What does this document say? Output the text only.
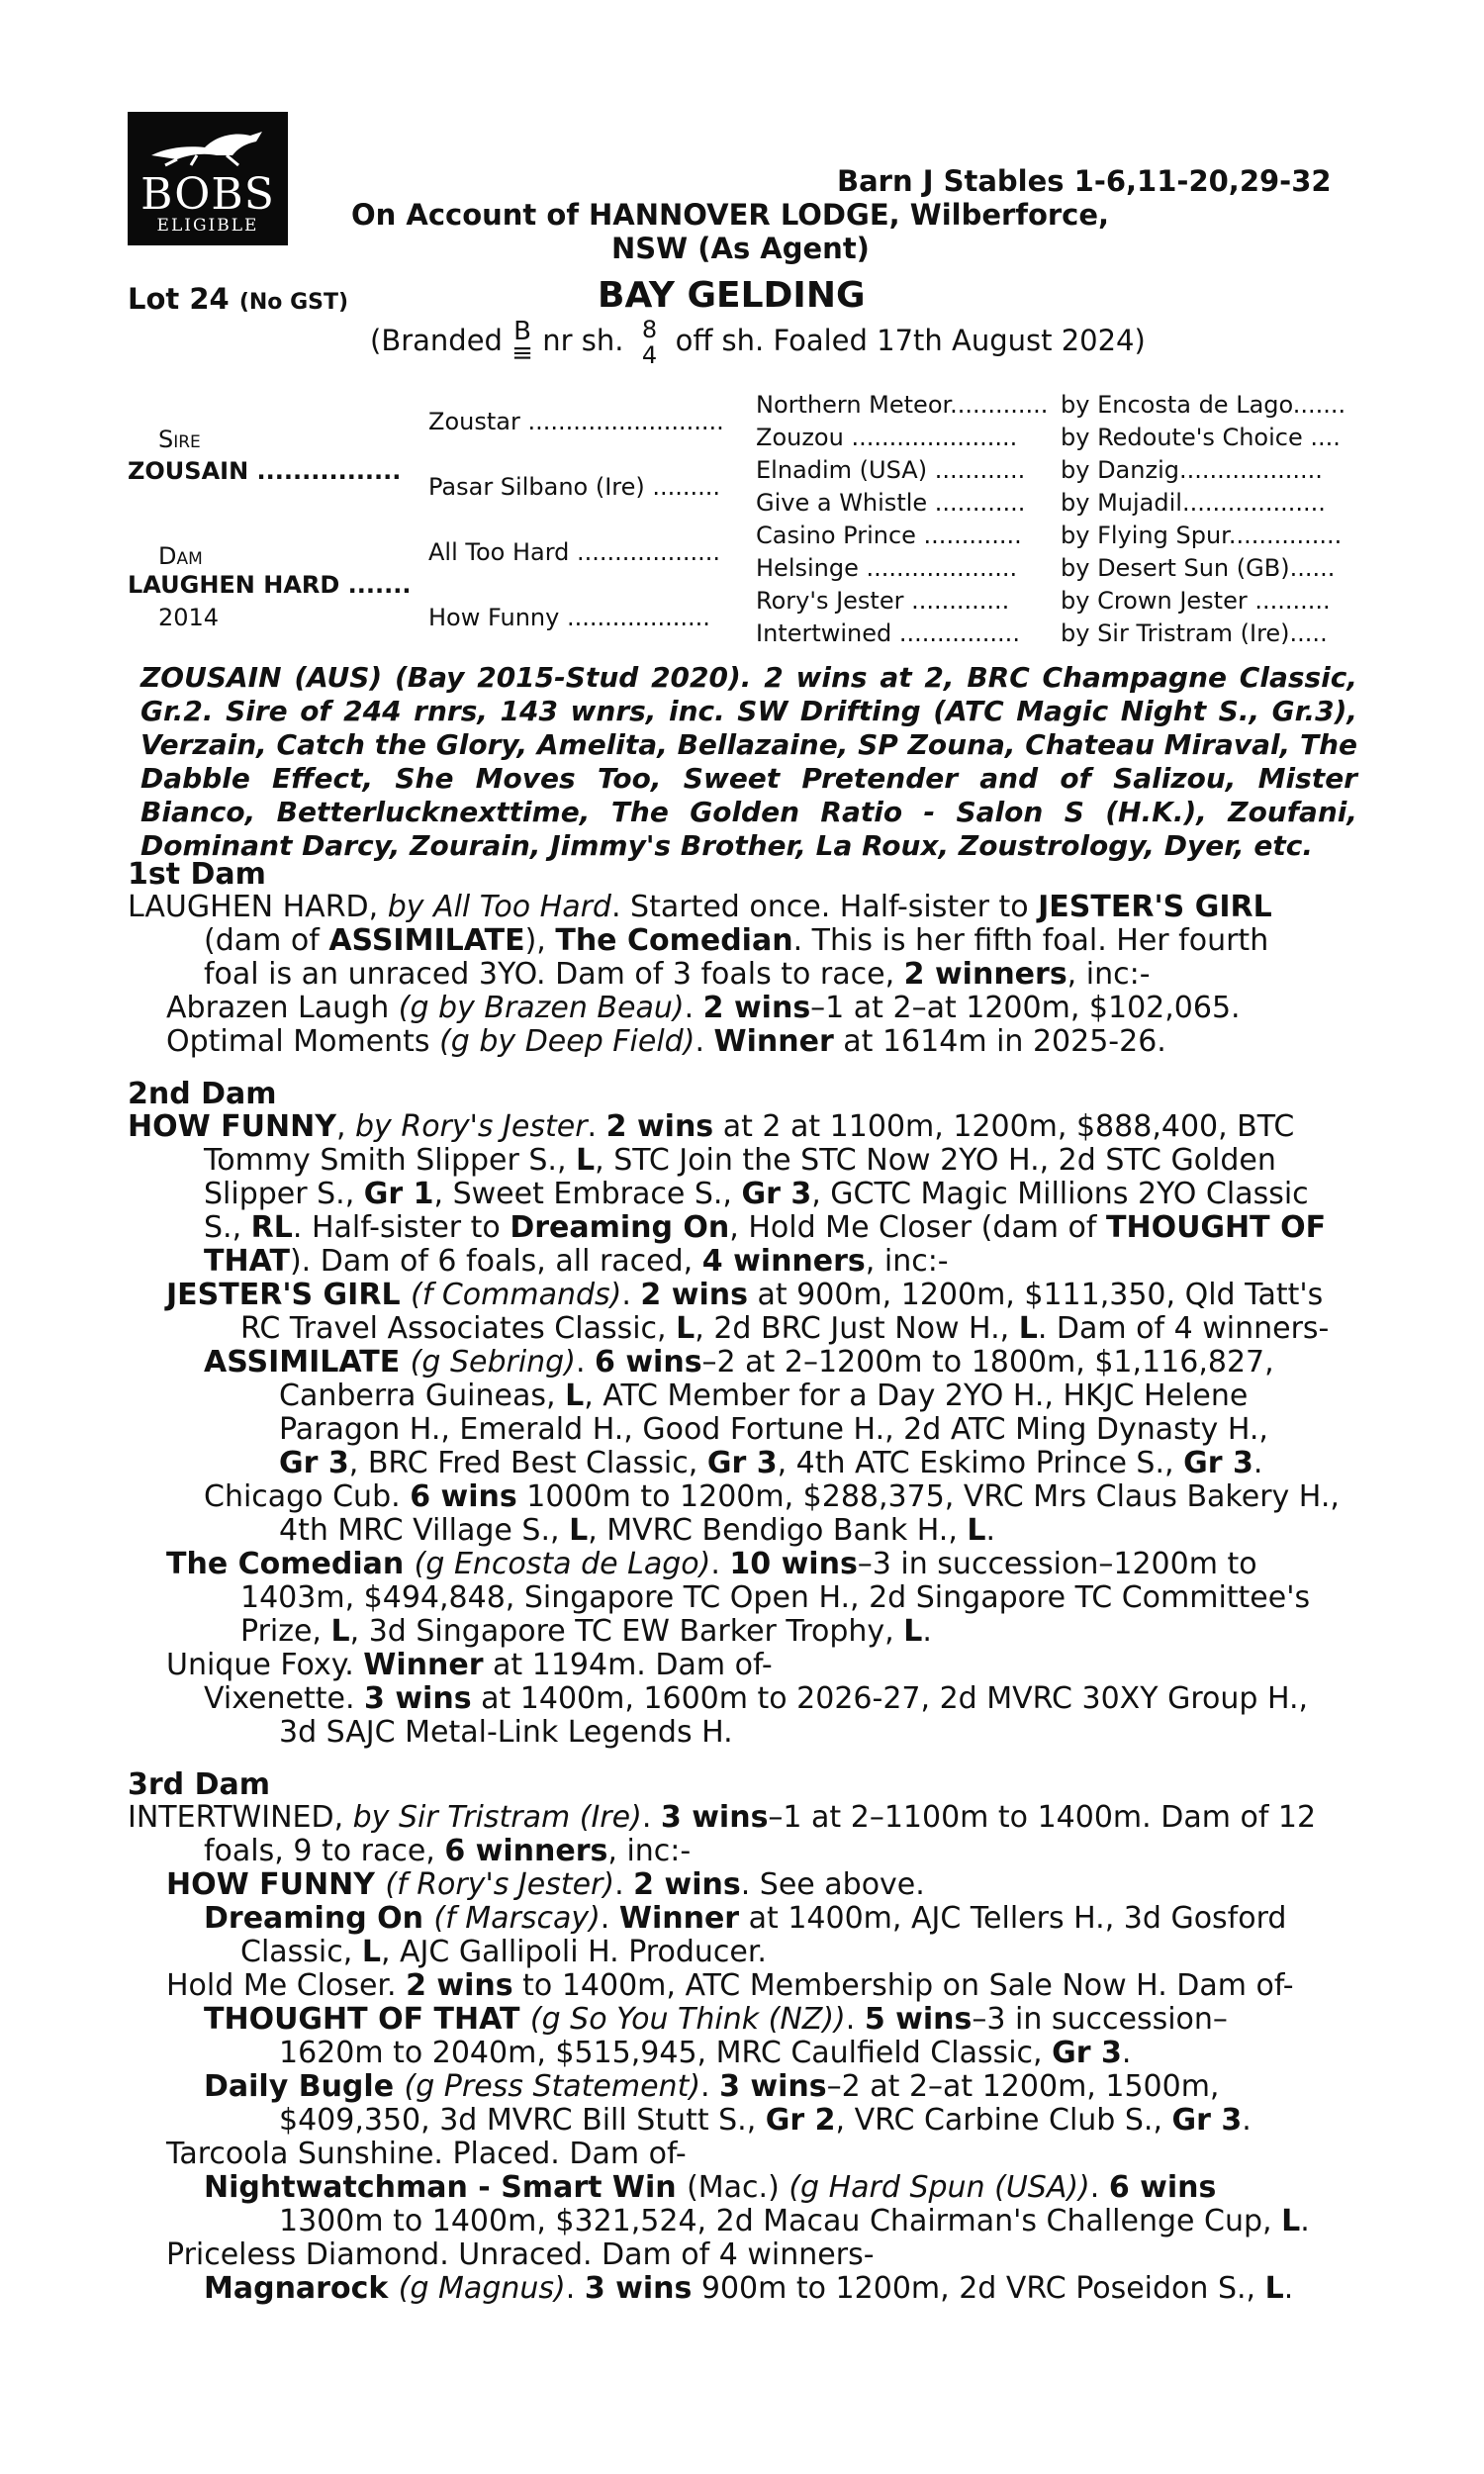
BOBS
ELIGIBLE
Barn J Stables 1-6,11-20,29-32
On Account of HANNOVER LODGE, Wilberforce,
NSW (As Agent)
Lot 24 (No GST)	BAY GELDING
(Branded B
≡ nr sh. 8
4 off sh. Foaled 17th August 2024)
Sire
ZOUSAIN ................
Dam
LAUGHEN HARD .......
2014
Zoustar ..........................
Pasar Silbano (Ire) .........
All Too Hard ...................
How Funny ...................
Northern Meteor.............
Zouzou ......................
Elnadim (USA) ............
Give a Whistle ............
Casino Prince .............
Helsinge ....................
Rory's Jester .............
Intertwined ................
by Encosta de Lago.......
by Redoute's Choice ....
by Danzig...................
by Mujadil...................
by Flying Spur...............
by Desert Sun (GB)......
by Crown Jester ..........
by Sir Tristram (Ire).....
ZOUSAIN (AUS) (Bay 2015-Stud 2020). 2 wins at 2, BRC Champagne Classic, Gr.2. Sire of 244 rnrs, 143 wnrs, inc. SW Drifting (ATC Magic Night S., Gr.3), Verzain, Catch the Glory, Amelita, Bellazaine, SP Zouna, Chateau Miraval, The Dabble Effect, She Moves Too, Sweet Pretender and of Salizou, Mister Bianco, Betterlucknexttime, The Golden Ratio - Salon S (H.K.), Zoufani, Dominant Darcy, Zourain, Jimmy's Brother, La Roux, Zoustrology, Dyer, etc.
1st Dam
LAUGHEN HARD, by All Too Hard. Started once. Half-sister to JESTER'S GIRL
(dam of ASSIMILATE), The Comedian. This is her fifth foal. Her fourth
foal is an unraced 3YO. Dam of 3 foals to race, 2 winners, inc:-
Abrazen Laugh (g by Brazen Beau). 2 wins–1 at 2–at 1200m, $102,065.
Optimal Moments (g by Deep Field). Winner at 1614m in 2025-26.
2nd Dam
HOW FUNNY, by Rory's Jester. 2 wins at 2 at 1100m, 1200m, $888,400, BTC
Tommy Smith Slipper S., L, STC Join the STC Now 2YO H., 2d STC Golden
Slipper S., Gr 1, Sweet Embrace S., Gr 3, GCTC Magic Millions 2YO Classic
S., RL. Half-sister to Dreaming On, Hold Me Closer (dam of THOUGHT OF
THAT). Dam of 6 foals, all raced, 4 winners, inc:-
JESTER'S GIRL (f Commands). 2 wins at 900m, 1200m, $111,350, Qld Tatt's
RC Travel Associates Classic, L, 2d BRC Just Now H., L. Dam of 4 winners-
ASSIMILATE (g Sebring). 6 wins–2 at 2–1200m to 1800m, $1,116,827,
Canberra Guineas, L, ATC Member for a Day 2YO H., HKJC Helene
Paragon H., Emerald H., Good Fortune H., 2d ATC Ming Dynasty H.,
Gr 3, BRC Fred Best Classic, Gr 3, 4th ATC Eskimo Prince S., Gr 3.
Chicago Cub. 6 wins 1000m to 1200m, $288,375, VRC Mrs Claus Bakery H.,
4th MRC Village S., L, MVRC Bendigo Bank H., L.
The Comedian (g Encosta de Lago). 10 wins–3 in succession–1200m to
1403m, $494,848, Singapore TC Open H., 2d Singapore TC Committee's
Prize, L, 3d Singapore TC EW Barker Trophy, L.
Unique Foxy. Winner at 1194m. Dam of-
Vixenette. 3 wins at 1400m, 1600m to 2026-27, 2d MVRC 30XY Group H.,
3d SAJC Metal-Link Legends H.
3rd Dam
INTERTWINED, by Sir Tristram (Ire). 3 wins–1 at 2–1100m to 1400m. Dam of 12
foals, 9 to race, 6 winners, inc:-
HOW FUNNY (f Rory's Jester). 2 wins. See above.
Dreaming On (f Marscay). Winner at 1400m, AJC Tellers H., 3d Gosford
Classic, L, AJC Gallipoli H. Producer.
Hold Me Closer. 2 wins to 1400m, ATC Membership on Sale Now H. Dam of-
THOUGHT OF THAT (g So You Think (NZ)). 5 wins–3 in succession–
1620m to 2040m, $515,945, MRC Caulfield Classic, Gr 3.
Daily Bugle (g Press Statement). 3 wins–2 at 2–at 1200m, 1500m,
$409,350, 3d MVRC Bill Stutt S., Gr 2, VRC Carbine Club S., Gr 3.
Tarcoola Sunshine. Placed. Dam of-
Nightwatchman - Smart Win (Mac.) (g Hard Spun (USA)). 6 wins
1300m to 1400m, $321,524, 2d Macau Chairman's Challenge Cup, L.
Priceless Diamond. Unraced. Dam of 4 winners-
Magnarock (g Magnus). 3 wins 900m to 1200m, 2d VRC Poseidon S., L.
